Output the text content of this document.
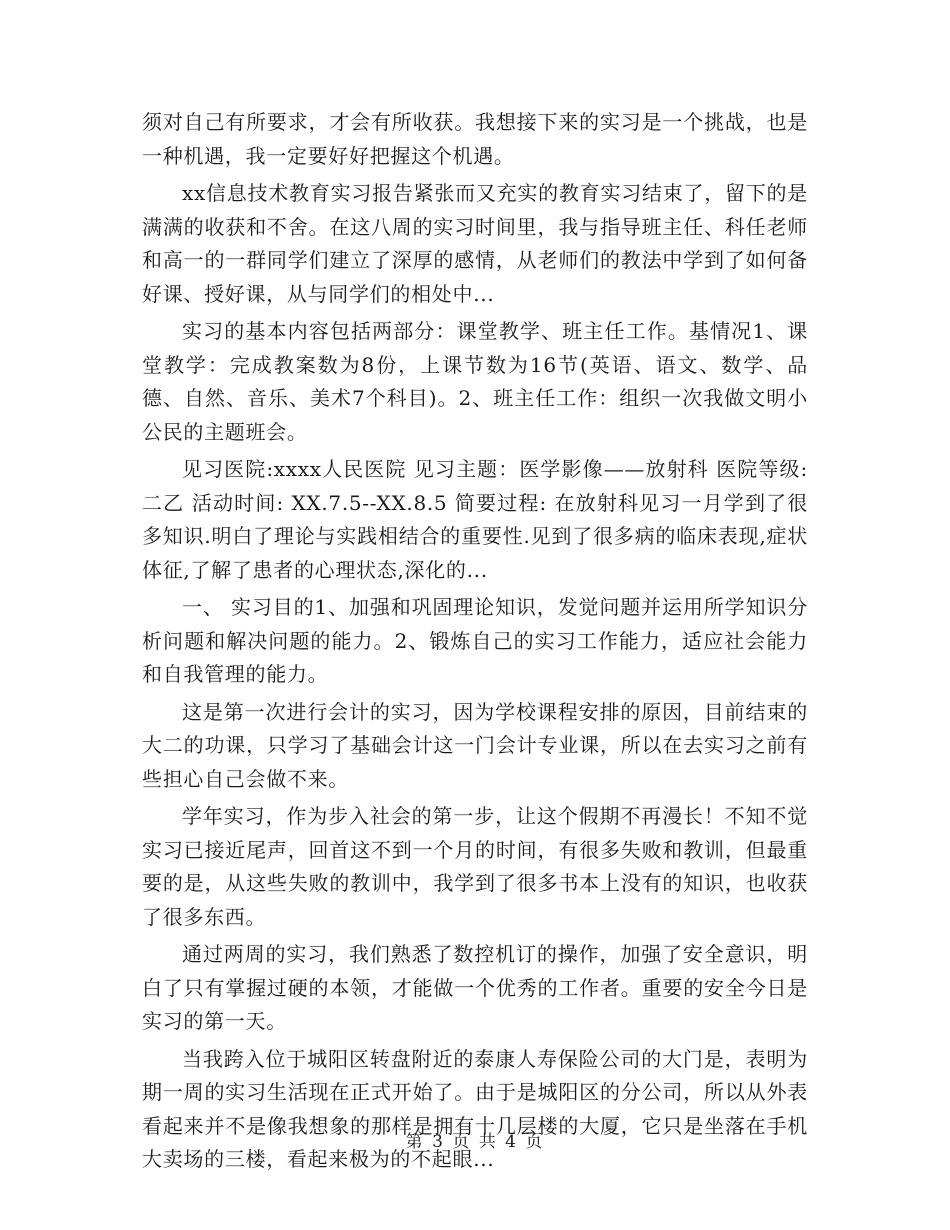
须对自己有所要求，才会有所收获。我想接下来的实习是一个挑战，也是一种机遇，我一定要好好把握这个机遇。

xx信息技术教育实习报告紧张而又充实的教育实习结束了，留下的是满满的收获和不舍。在这八周的实习时间里，我与指导班主任、科任老师和高一的一群同学们建立了深厚的感情，从老师们的教法中学到了如何备好课、授好课，从与同学们的相处中...

实习的基本内容包括两部分：课堂教学、班主任工作。基情况1、课堂教学：完成教案数为8份，上课节数为16节(英语、语文、数学、品德、自然、音乐、美术7个科目)。2、班主任工作：组织一次我做文明小公民的主题班会。

见习医院:xxxx人民医院 见习主题：医学影像——放射科 医院等级:二乙 活动时间: XX.7.5--XX.8.5 简要过程: 在放射科见习一月学到了很多知识.明白了理论与实践相结合的重要性.见到了很多病的临床表现,症状体征,了解了患者的心理状态,深化的...

一、 实习目的1、加强和巩固理论知识，发觉问题并运用所学知识分析问题和解决问题的能力。2、锻炼自己的实习工作能力，适应社会能力和自我管理的能力。

这是第一次进行会计的实习，因为学校课程安排的原因，目前结束的大二的功课，只学习了基础会计这一门会计专业课，所以在去实习之前有些担心自己会做不来。

学年实习，作为步入社会的第一步，让这个假期不再漫长！不知不觉实习已接近尾声，回首这不到一个月的时间，有很多失败和教训，但最重要的是，从这些失败的教训中，我学到了很多书本上没有的知识，也收获了很多东西。

通过两周的实习，我们熟悉了数控机订的操作，加强了安全意识，明白了只有掌握过硬的本领，才能做一个优秀的工作者。重要的安全今日是实习的第一天。

当我跨入位于城阳区转盘附近的泰康人寿保险公司的大门是，表明为期一周的实习生活现在正式开始了。由于是城阳区的分公司，所以从外表看起来并不是像我想象的那样是拥有十几层楼的大厦，它只是坐落在手机大卖场的三楼，看起来极为的不起眼...

第 3 页 共 4 页
